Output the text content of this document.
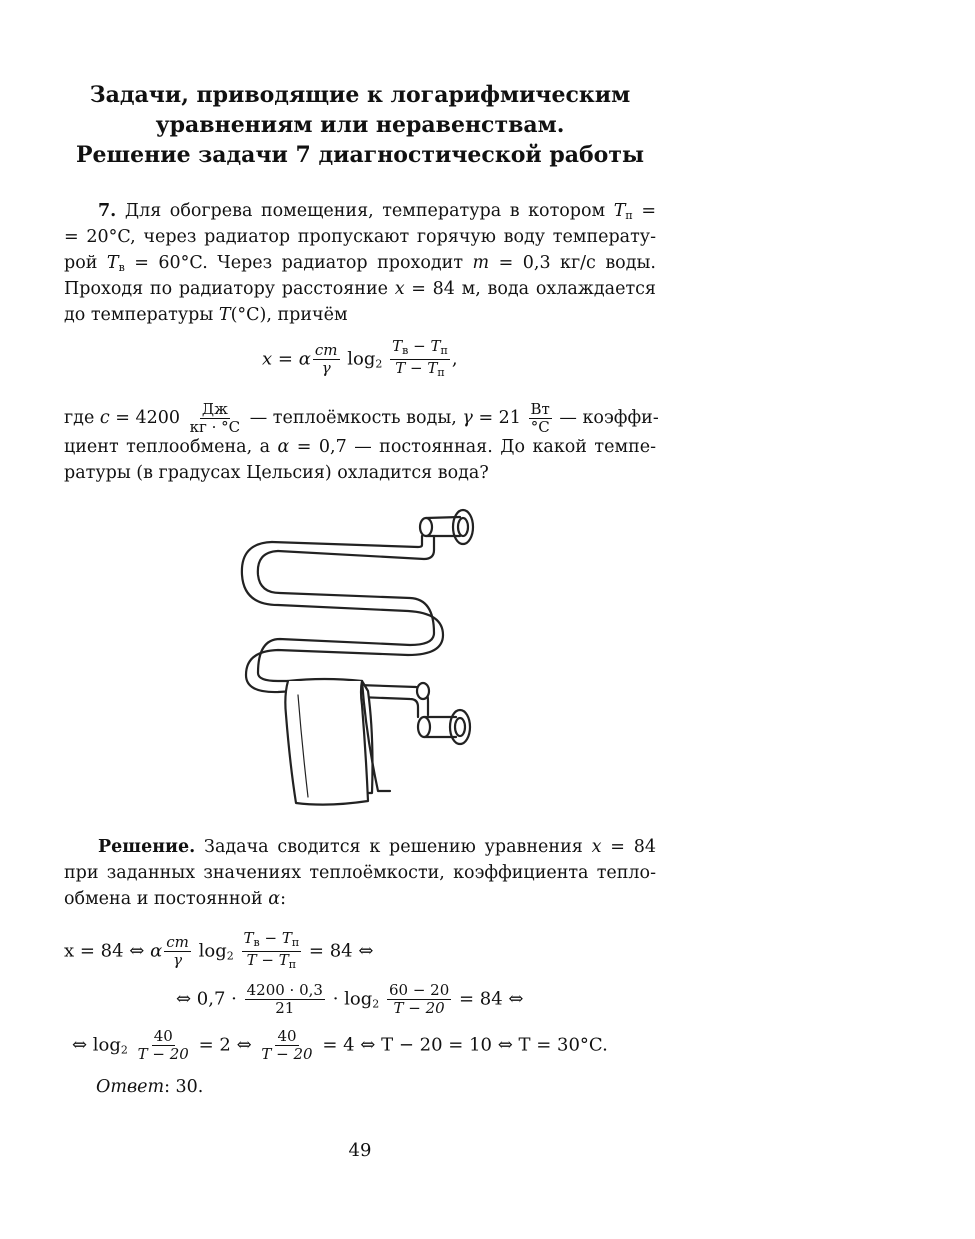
Задачи, приводящие к логарифмическим
уравнениям или неравенствам.
Решение задачи 7 диагностической работы
7. Для обогрева помещения, температура в котором $T_п$ =
= 20°C, через радиатор пропускают горячую воду температу-
рой $T_в = 60^\circ C$. Через радиатор проходит m = 0,3 кг/с воды.
Проходя по радиатору расстояние x = 84 м, вода охлаждается
до температуры T(°C), причём
x = α $\frac{cm}{\gamma} \log_2 \frac{T_в - T_п}{T - T_п}$ ,
где $c = 4200 \frac{Дж}{кг \cdot ^\circ C}$ — теплоёмкость воды, $\gamma = 21 \frac{Вт}{^\circ C}$ — коэффи-
циент теплообмена, а α = 0,7 — постоянная. До какой темпе-
ратуры (в градусах Цельсия) охладится вода?
Решение. Задача сводится к решению уравнения x = 84
при заданных значениях теплоёмкости, коэффициента тепло-
обмена и постоянной α:
x = 84 ⇔ α $\frac{cm}{\gamma} \log_2 \frac{T_в - T_п}{T - T_п} = 84$ ⇔
⇔ $0,7 \cdot \frac{4200 \cdot 0,3}{21} \cdot \log_2 \frac{60 - 20}{T - 20} = 84$ ⇔
⇔ $\log_2 \frac{40}{T - 20} = 2$ ⇔ $\frac{40}{T - 20} = 4$ ⇔ T − 20 = 10 ⇔ T = 30°C.
Ответ: 30.
49
